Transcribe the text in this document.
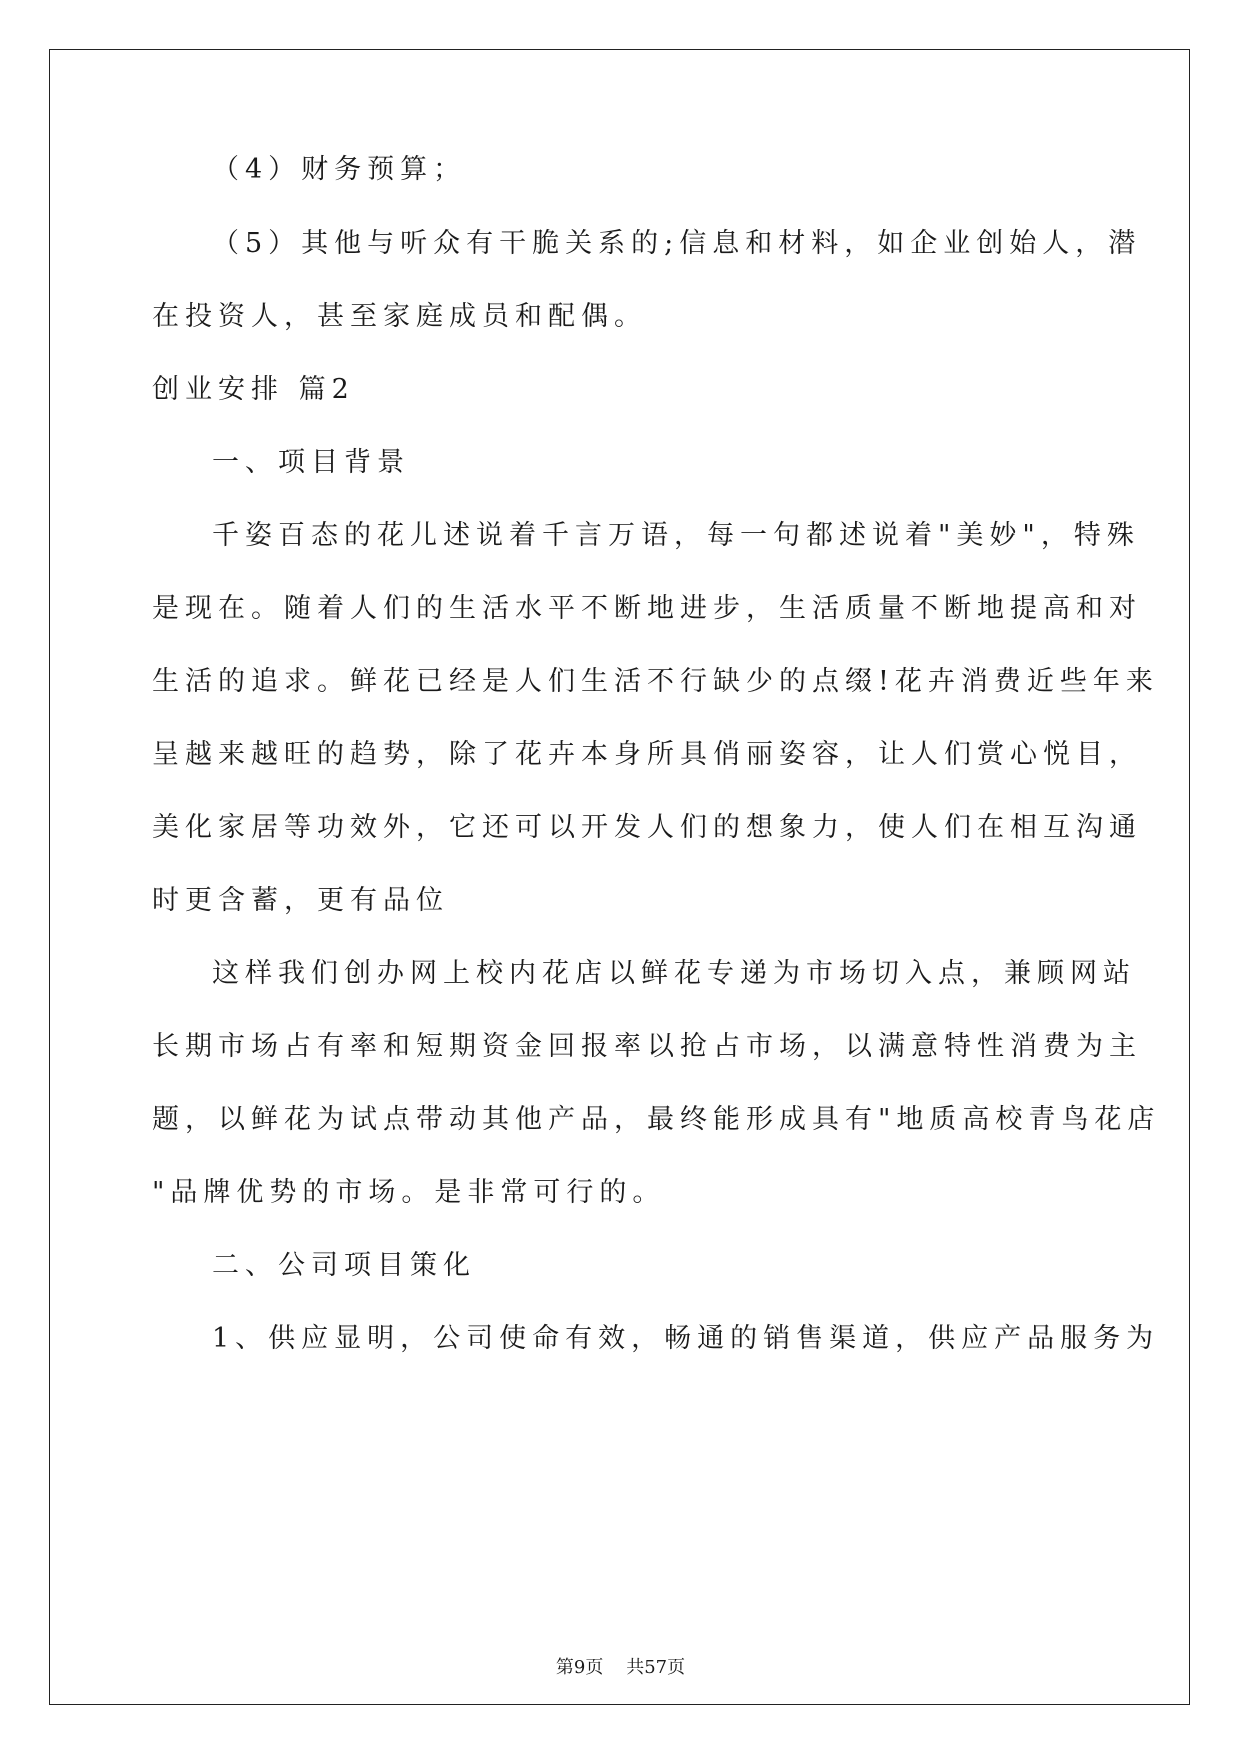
（4）财务预算；
（5）其他与听众有干脆关系的;信息和材料，如企业创始人，潜
在投资人，甚至家庭成员和配偶。
创业安排 篇2
一、项目背景
千姿百态的花儿述说着千言万语，每一句都述说着"美妙"，特殊
是现在。随着人们的生活水平不断地进步，生活质量不断地提高和对
生活的追求。鲜花已经是人们生活不行缺少的点缀!花卉消费近些年来
呈越来越旺的趋势，除了花卉本身所具俏丽姿容，让人们赏心悦目，
美化家居等功效外，它还可以开发人们的想象力，使人们在相互沟通
时更含蓄，更有品位
这样我们创办网上校内花店以鲜花专递为市场切入点，兼顾网站
长期市场占有率和短期资金回报率以抢占市场，以满意特性消费为主
题，以鲜花为试点带动其他产品，最终能形成具有"地质高校青鸟花店
"品牌优势的市场。是非常可行的。
二、公司项目策化
1、供应显明，公司使命有效，畅通的销售渠道，供应产品服务为
第9页 共57页
